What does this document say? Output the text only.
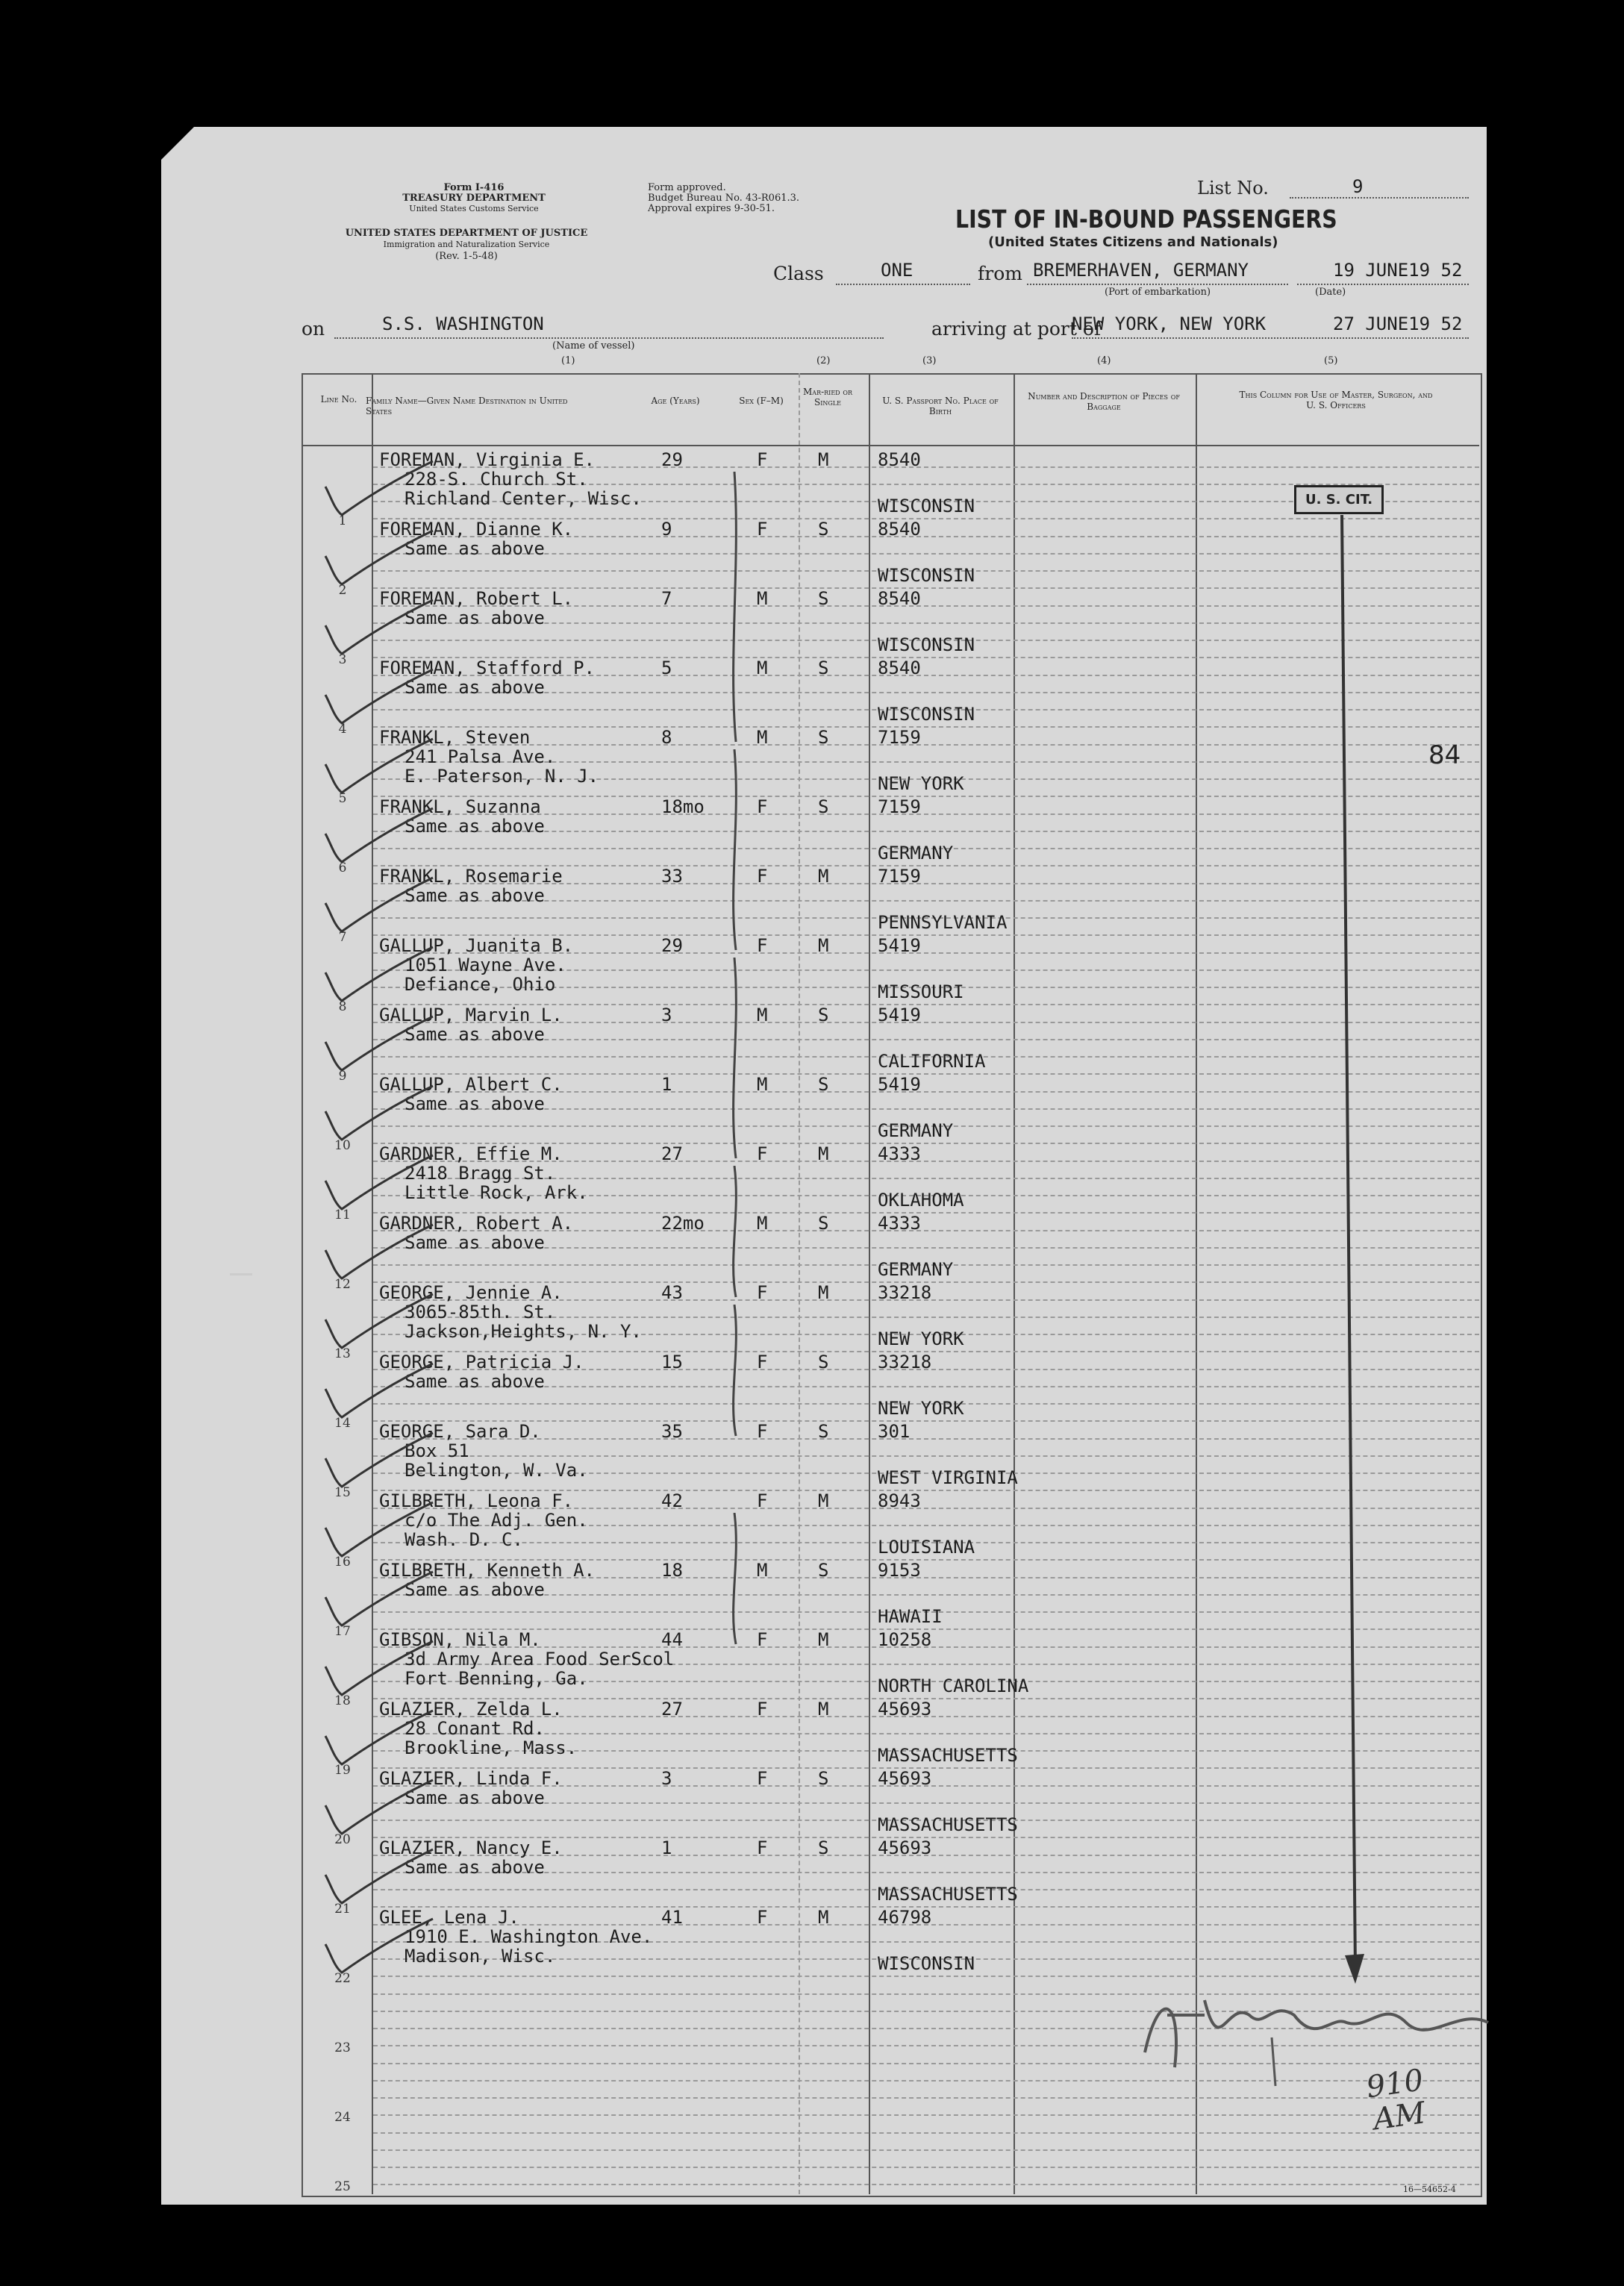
Form I-416
TREASURY DEPARTMENT
United States Customs Service
UNITED STATES DEPARTMENT OF JUSTICE
Immigration and Naturalization Service
(Rev. 1-5-48)
Form approved.
Budget Bureau No. 43-R061.3.
Approval expires 9-30-51.
List No.	9
LIST OF IN-BOUND PASSENGERS
(United States Citizens and Nationals)
Class	ONE	from BREMERHAVEN, GERMANY
(Port of embarkation)
19 JUNE19 52
(Date)
on	S.S. WASHINGTON
(Name of vessel)
arriving at port of
NEW YORK, NEW YORK	27 JUNE19 52
(1)	(2)	(3)	(4)	(5)
Line No. Family Name—Given Name Destination in United States
Age (Years)	Sex (F–M)
Mar-ried or Single	U. S. Passport No. Place of Birth
Number and Description of Pieces of Baggage
This Column for Use of Master, Surgeon, and U. S. Officers
1
FOREMAN, Virginia E.
228-S. Church St.
Richland Center, Wisc.
29	F	M	8540
WISCONSIN
2
FOREMAN, Dianne K.
Same as above
9	F	S	8540
WISCONSIN
3
FOREMAN, Robert L.
Same as above
7	M	S	8540
WISCONSIN
4
FOREMAN, Stafford P.
Same as above
5	M	S	8540
WISCONSIN
5
FRANKL, Steven
241 Palsa Ave.
E. Paterson, N. J.
8	M	S	7159
NEW YORK
6
FRANKL, Suzanna
Same as above
18mo	F	S	7159
GERMANY
7
FRANKL, Rosemarie
Same as above
33	F	M	7159
PENNSYLVANIA
8
GALLUP, Juanita B.
1051 Wayne Ave.
Defiance, Ohio
29	F	M	5419
MISSOURI
9
GALLUP, Marvin L.
Same as above
3	M	S	5419
CALIFORNIA
10
GALLUP, Albert C.
Same as above
1	M	S	5419
GERMANY
11
GARDNER, Effie M.
2418 Bragg St.
Little Rock, Ark.
27	F	M	4333
OKLAHOMA
12
GARDNER, Robert A.
Same as above
22mo	M	S	4333
GERMANY
13
GEORGE, Jennie A.
3065-85th. St.
Jackson,Heights, N. Y.
43	F	M	33218
NEW YORK
14
GEORGE, Patricia J.
Same as above
15	F	S	33218
NEW YORK
15
GEORGE, Sara D.
Box 51
Belington, W. Va.
35	F	S	301
WEST VIRGINIA
16
GILBRETH, Leona F.
c/o The Adj. Gen.
Wash. D. C.
42	F	M	8943
LOUISIANA
17
GILBRETH, Kenneth A.
Same as above
18	M	S	9153
HAWAII
18
GIBSON, Nila M.
3d Army Area Food SerScol
Fort Benning, Ga.
44	F	M	10258
NORTH CAROLINA
19
GLAZIER, Zelda L.
28 Conant Rd.
Brookline, Mass.
27	F	M	45693
MASSACHUSETTS
20
GLAZIER, Linda F.
Same as above
3	F	S	45693
MASSACHUSETTS
21
GLAZIER, Nancy E.
Same as above
1	F	S	45693
MASSACHUSETTS
22
GLEE, Lena J.
1910 E. Washington Ave.
Madison, Wisc.
41	F	M	46798
WISCONSIN
23
24
25
U. S. CIT.
84
910 AM
16—54652-4
